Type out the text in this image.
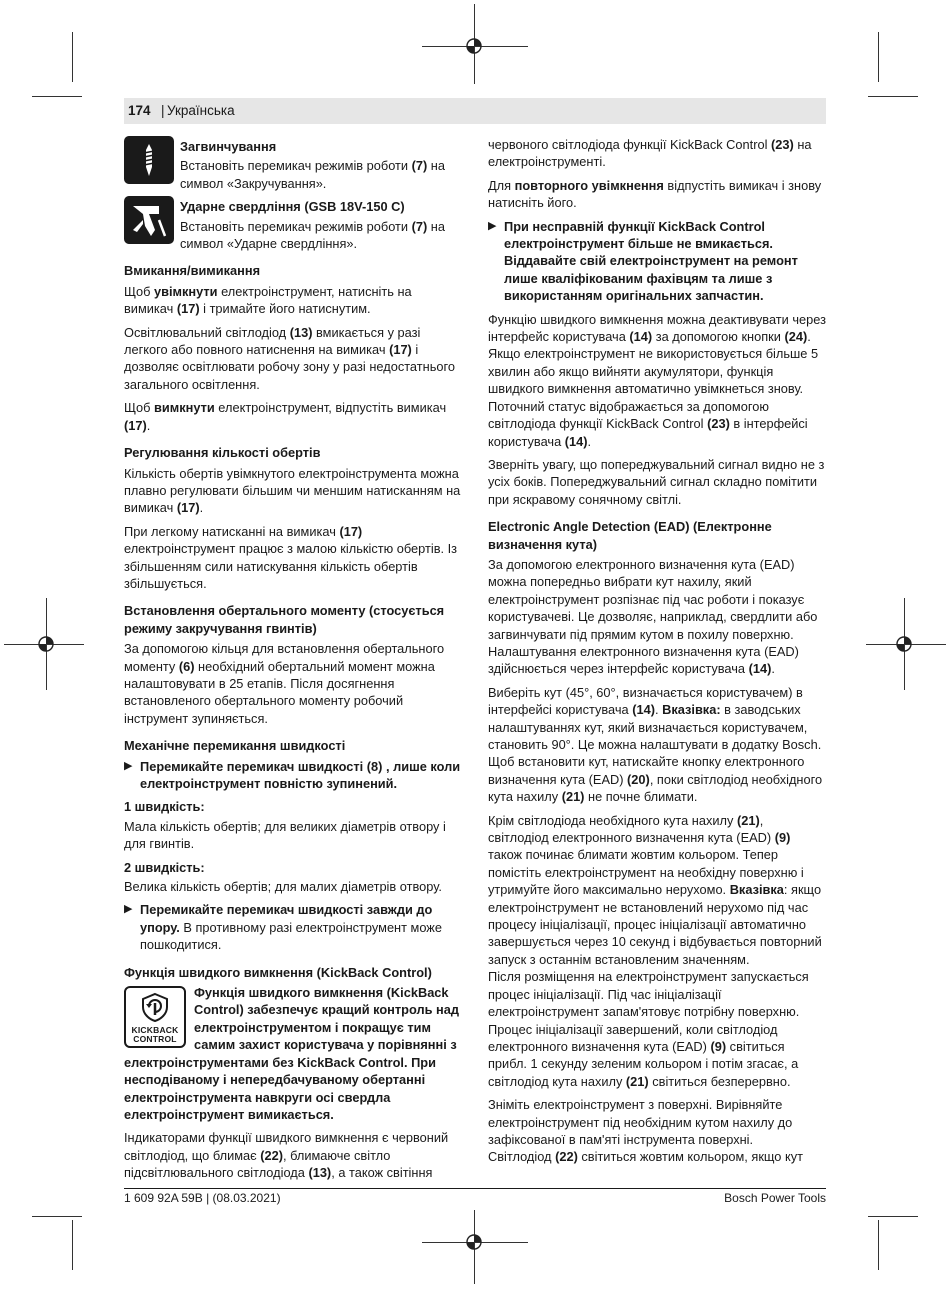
174 | Українська
Загвинчування

Встановіть перемикач режимів роботи (7) на символ «Закручування».

Ударне свердління (GSB 18V-150 C)

Встановіть перемикач режимів роботи (7) на символ «Ударне свердління».

Вмикання/вимикання

Щоб увімкнути електроінструмент, натисніть на вимикач (17) і тримайте його натиснутим.

Освітлювальний світлодіод (13) вмикається у разі легкого або повного натиснення на вимикач (17) і дозволяє освітлювати робочу зону у разі недостатнього загального освітлення.

Щоб вимкнути електроінструмент, відпустіть вимикач (17).

Регулювання кількості обертів

Кількість обертів увімкнутого електроінструмента можна плавно регулювати більшим чи меншим натисканням на вимикач (17).

При легкому натисканні на вимикач (17) електроінструмент працює з малою кількістю обертів. Із збільшенням сили натискування кількість обертів збільшується.

Встановлення обертального моменту (стосується режиму закручування гвинтів)

За допомогою кільця для встановлення обертального моменту (6) необхідний обертальний момент можна налаштовувати в 25 етапів. Після досягнення встановленого обертального моменту робочий інструмент зупиняється.

Механічне перемикання швидкості
▶ Перемикайте перемикач швидкості (8) , лише коли електроінструмент повністю зупинений.

1 швидкість:

Мала кількість обертів; для великих діаметрів отвору і для гвинтів.

2 швидкість:

Велика кількість обертів; для малих діаметрів отвору.

▶ Перемикайте перемикач швидкості завжди до упору. В противному разі електроінструмент може пошкодитися.
Функція швидкого вимкнення (KickBack Control)
KICKBACK
CONTROL
Функція швидкого вимкнення (KickBack Control) забезпечує кращий контроль над електроінструментом і покращує тим самим захист користувача у порівнянні з електроінструментами без KickBack Control. При несподіваному і непередбачуваному обертанні електроінструмента навкруги осі свердла електроінструмент вимикається.

Індикаторами функції швидкого вимкнення є червоний світлодіод, що блимає (22), блимаюче світло підсвітлювального світлодіода (13), а також світіння

червоного світлодіода функції KickBack Control (23) на електроінструменті.

Для повторного увімкнення відпустіть вимикач і знову натисніть його.

▶ При несправній функції KickBack Control електроінструмент більше не вмикається. Віддавайте свій електроінструмент на ремонт лише кваліфікованим фахівцям та лише з використанням оригінальних запчастин.

Функцію швидкого вимкнення можна деактивувати через інтерфейс користувача (14) за допомогою кнопки (24). Якщо електроінструмент не використовується більше 5 хвилин або якщо вийняти акумулятори, функція швидкого вимкнення автоматично увімкнеться знову. Поточний статус відображається за допомогою світлодіода функції KickBack Control (23) в інтерфейсі користувача (14).

Зверніть увагу, що попереджувальний сигнал видно не з усіх боків. Попереджувальний сигнал складно помітити при яскравому сонячному світлі.

Electronic Angle Detection (EAD) (Електронне визначення кута)

За допомогою електронного визначення кута (EAD) можна попередньо вибрати кут нахилу, який електроінструмент розпізнає під час роботи і показує користувачеві. Це дозволяє, наприклад, свердлити або загвинчувати під прямим кутом в похилу поверхню. Налаштування електронного визначення кута (EAD) здійснюється через інтерфейс користувача (14).

Виберіть кут (45°, 60°, визначається користувачем) в інтерфейсі користувача (14). Вказівка: в заводських налаштуваннях кут, який визначається користувачем, становить 90°. Це можна налаштувати в додатку Bosch. Щоб встановити кут, натискайте кнопку електронного визначення кута (EAD) (20), поки світлодіод необхідного кута нахилу (21) не почне блимати.

Крім світлодіода необхідного кута нахилу (21), світлодіод електронного визначення кута (EAD) (9) також починає блимати жовтим кольором. Тепер помістіть електроінструмент на необхідну поверхню і утримуйте його максимально нерухомо. Вказівка: якщо електроінструмент не встановлений нерухомо під час процесу ініціалізації, процес ініціалізації автоматично завершується через 10 секунд і відбувається повторний запуск з останнім встановленим значенням.

Після розміщення на електроінструмент запускається процес ініціалізації. Під час ініціалізації електроінструмент запам'ятовує потрібну поверхню. Процес ініціалізації завершений, коли світлодіод електронного визначення кута (EAD) (9) світиться прибл. 1 секунду зеленим кольором і потім згасає, а світлодіод кута нахилу (21) світиться безперервно.

Зніміть електроінструмент з поверхні. Вирівняйте електроінструмент під необхідним кутом нахилу до зафіксованої в пам'яті інструмента поверхні.

Світлодіод (22) світиться жовтим кольором, якщо кут

1 609 92A 59B | (08.03.2021)	Bosch Power Tools
